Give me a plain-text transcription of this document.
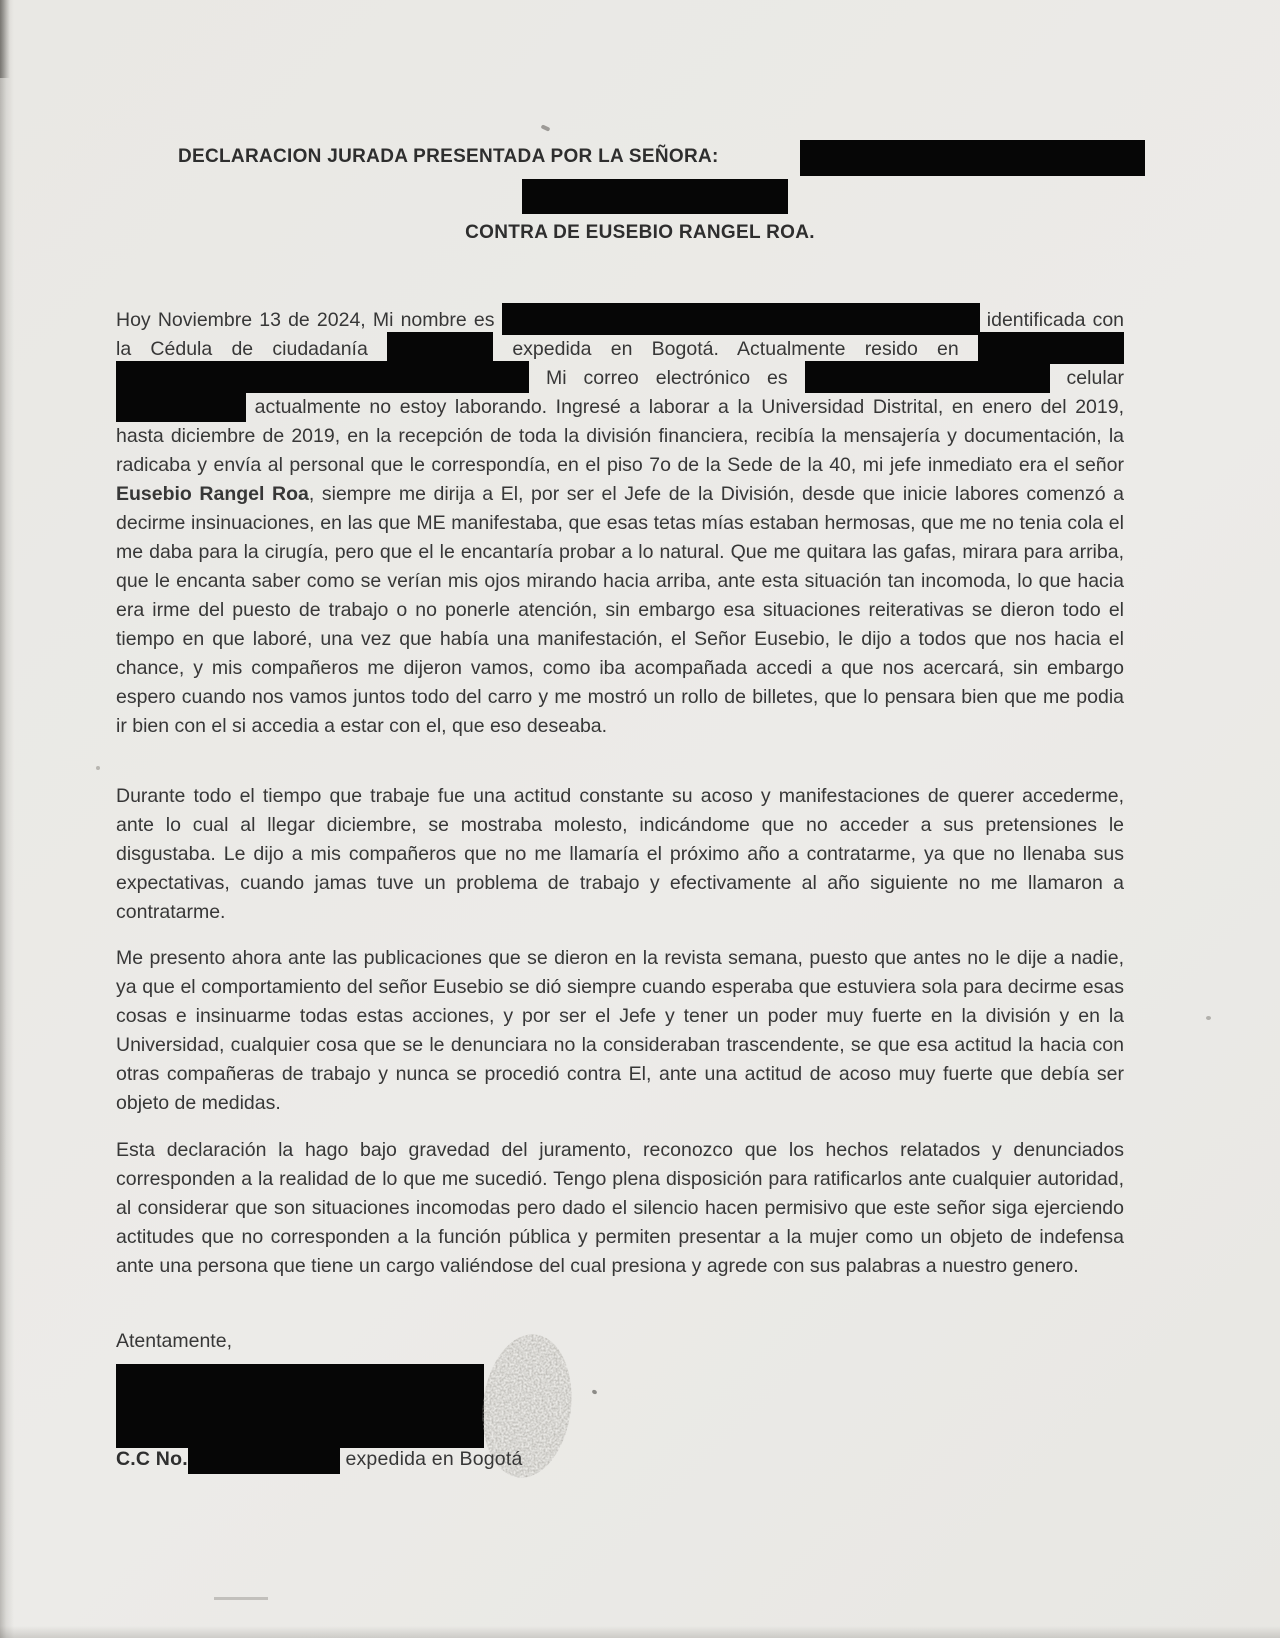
DECLARACION JURADA PRESENTADA POR LA SEÑORA:
CONTRA DE EUSEBIO RANGEL ROA.
Hoy Noviembre 13 de 2024, Mi nombre es	identificada con la Cédula de ciudadanía	expedida en Bogotá. Actualmente resido en   Mi correo electrónico es	celular  actualmente no estoy laborando. Ingresé a laborar a la Universidad Distrital, en enero del 2019, hasta diciembre de 2019, en la recepción de toda la división financiera, recibía la mensajería y documentación, la radicaba y envía al personal que le correspondía, en el piso 7o de la Sede de la 40, mi jefe inmediato era el señor Eusebio Rangel Roa, siempre me dirija a El, por ser el Jefe de la División, desde que inicie labores comenzó a decirme insinuaciones, en las que ME manifestaba, que esas tetas mías estaban hermosas, que me no tenia cola el me daba para la cirugía, pero que el le encantaría probar a lo natural. Que me quitara las gafas, mirara para arriba, que le encanta saber como se verían mis ojos mirando hacia arriba, ante esta situación tan incomoda, lo que hacia era irme del puesto de trabajo o no ponerle atención, sin embargo esa situaciones reiterativas se dieron todo el tiempo en que laboré, una vez que había una manifestación, el Señor Eusebio, le dijo a todos que nos hacia el chance, y mis compañeros me dijeron vamos, como iba acompañada accedi a que nos acercará, sin embargo espero cuando nos vamos juntos todo del carro y me mostró un rollo de billetes, que lo pensara bien que me podia ir bien con el si accedia a estar con el, que eso deseaba.
Durante todo el tiempo que trabaje fue una actitud constante su acoso y manifestaciones de querer accederme, ante lo cual al llegar diciembre, se mostraba molesto, indicándome que no acceder a sus pretensiones le disgustaba. Le dijo a mis compañeros que no me llamaría el próximo año a contratarme, ya que no llenaba sus expectativas, cuando jamas tuve un problema de trabajo y efectivamente al año siguiente no me llamaron a contratarme.
Me presento ahora ante las publicaciones que se dieron en la revista semana, puesto que antes no le dije a nadie, ya que el comportamiento del señor Eusebio se dió siempre cuando esperaba que estuviera sola para decirme esas cosas e insinuarme todas estas acciones, y por ser el Jefe y tener un poder muy fuerte en la división y en la Universidad, cualquier cosa que se le denunciara no la consideraban trascendente, se que esa actitud la hacia con otras compañeras de trabajo y nunca se procedió contra El, ante una actitud de acoso muy fuerte que debía ser objeto de medidas.
Esta declaración la hago bajo gravedad del juramento, reconozco que los hechos relatados y denunciados corresponden a la realidad de lo que me sucedió. Tengo plena disposición para ratificarlos ante cualquier autoridad, al considerar que son situaciones incomodas pero dado el silencio hacen permisivo que este señor siga ejerciendo actitudes que no corresponden a la función pública y permiten presentar a la mujer como un objeto de indefensa ante una persona que tiene un cargo valiéndose del cual presiona y agrede con sus palabras a nuestro genero.
Atentamente,
C.C No.	expedida en Bogotá
